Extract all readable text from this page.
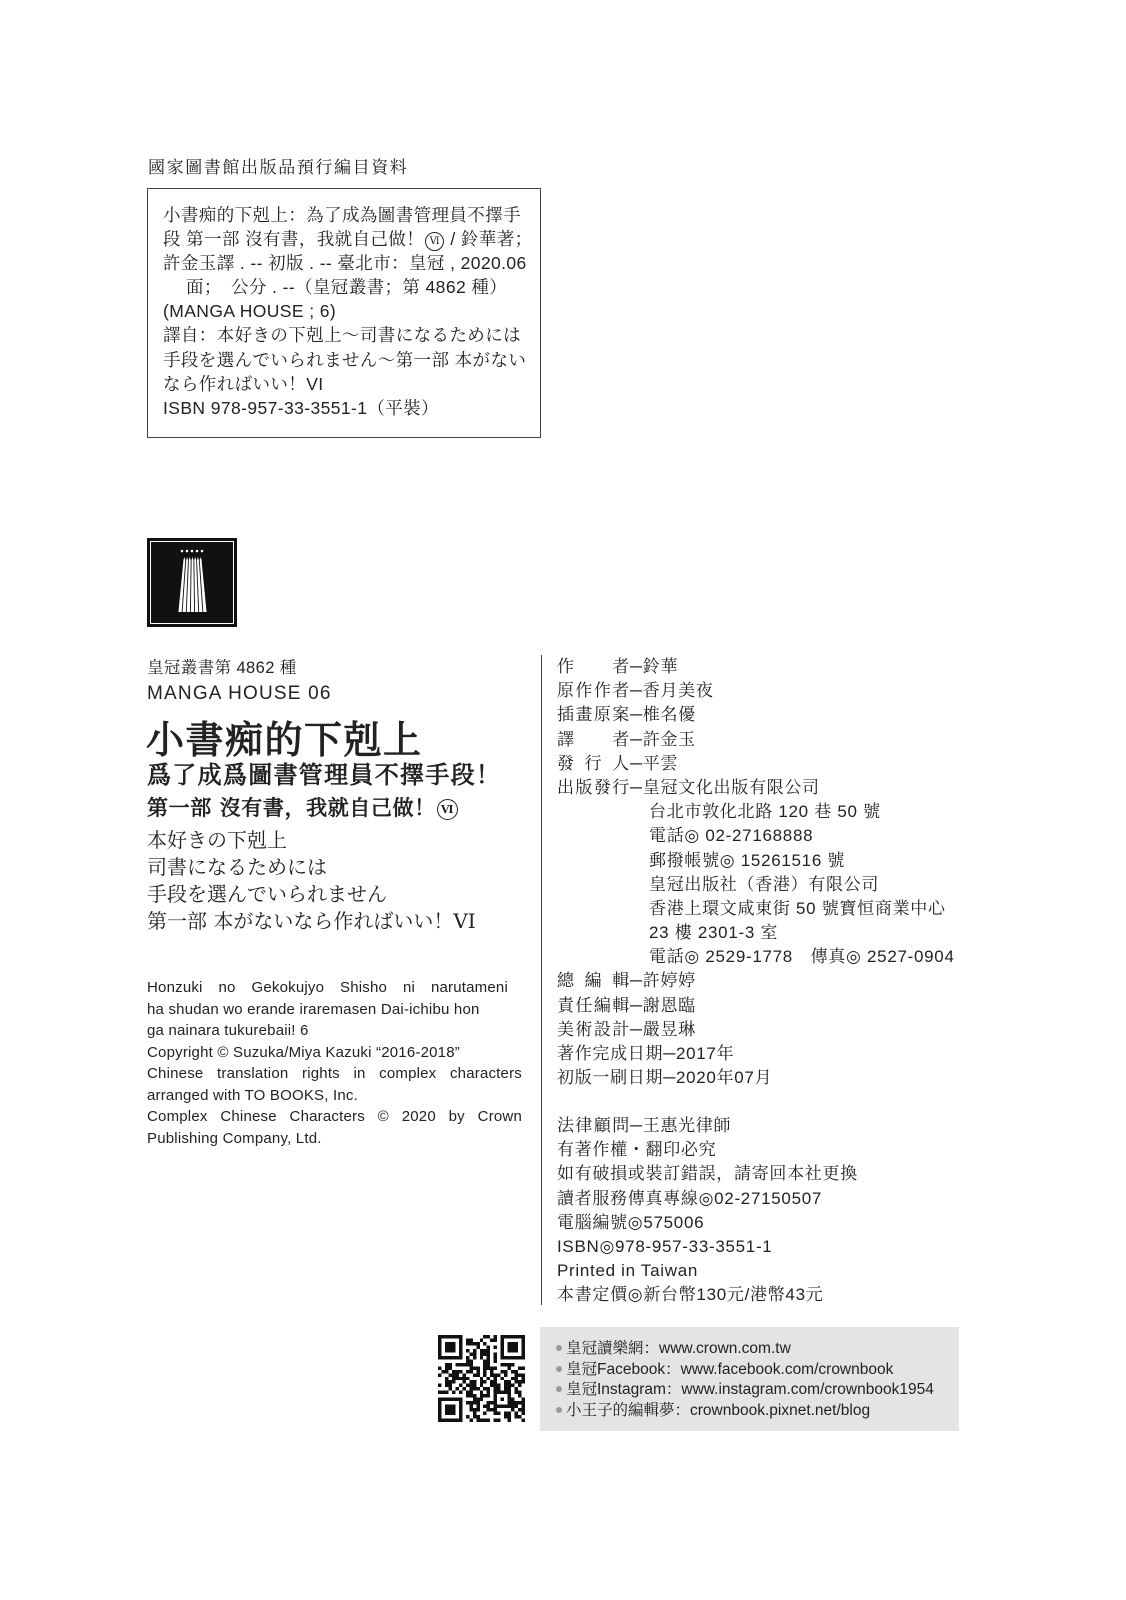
國家圖書館出版品預行編目資料
小書痴的下剋上：為了成為圖書管理員不擇手
段 第一部 沒有書，我就自己做！ Ⅵ / 鈴華著；
許金玉譯 . -- 初版 . -- 臺北市：皇冠 , 2020.06
面；　公分 . --（皇冠叢書；第 4862 種）
(MANGA HOUSE ; 6)
譯自：本好きの下剋上～司書になるためには
手段を選んでいられません～第一部 本がない
なら作ればいい！VI
ISBN 978-957-33-3551-1（平裝）
皇冠叢書第 4862 種
MANGA HOUSE 06
小書痴的下剋上
爲了成爲圖書管理員不擇手段！
第一部 沒有書，我就自己做！ Ⅵ
本好きの下剋上
司書になるためには
手段を選んでいられません
第一部 本がないなら作ればいい！VI
Honzuki no Gekokujyo Shisho ni narutameni
ha shudan wo erande iraremasen Dai-ichibu hon
ga nainara tukurebaii! 6
Copyright © Suzuka/Miya Kazuki “2016-2018”
Chinese translation rights in complex characters
arranged with TO BOOKS, Inc.
Complex Chinese Characters © 2020 by Crown
Publishing Company, Ltd.
作　　者─鈴華
原作作者─香月美夜
插畫原案─椎名優
譯　　者─許金玉
發 行 人─平雲
出版發行─皇冠文化出版有限公司
台北市敦化北路 120 巷 50 號
電話◎ 02-27168888
郵撥帳號◎ 15261516 號
皇冠出版社（香港）有限公司
香港上環文咸東街 50 號寶恒商業中心
23 樓 2301-3 室
電話◎ 2529-1778　傳真◎ 2527-0904
總 編 輯─許婷婷
責任編輯─謝恩臨
美術設計─嚴昱琳
著作完成日期─2017年
初版一刷日期─2020年07月
法律顧問─王惠光律師
有著作權・翻印必究
如有破損或裝訂錯誤，請寄回本社更換
讀者服務傳真專線◎02-27150507
電腦編號◎575006
ISBN◎978-957-33-3551-1
Printed in Taiwan
本書定價◎新台幣130元/港幣43元
皇冠讀樂網：www.crown.com.tw
皇冠Facebook：www.facebook.com/crownbook
皇冠Instagram：www.instagram.com/crownbook1954
小王子的編輯夢：crownbook.pixnet.net/blog
